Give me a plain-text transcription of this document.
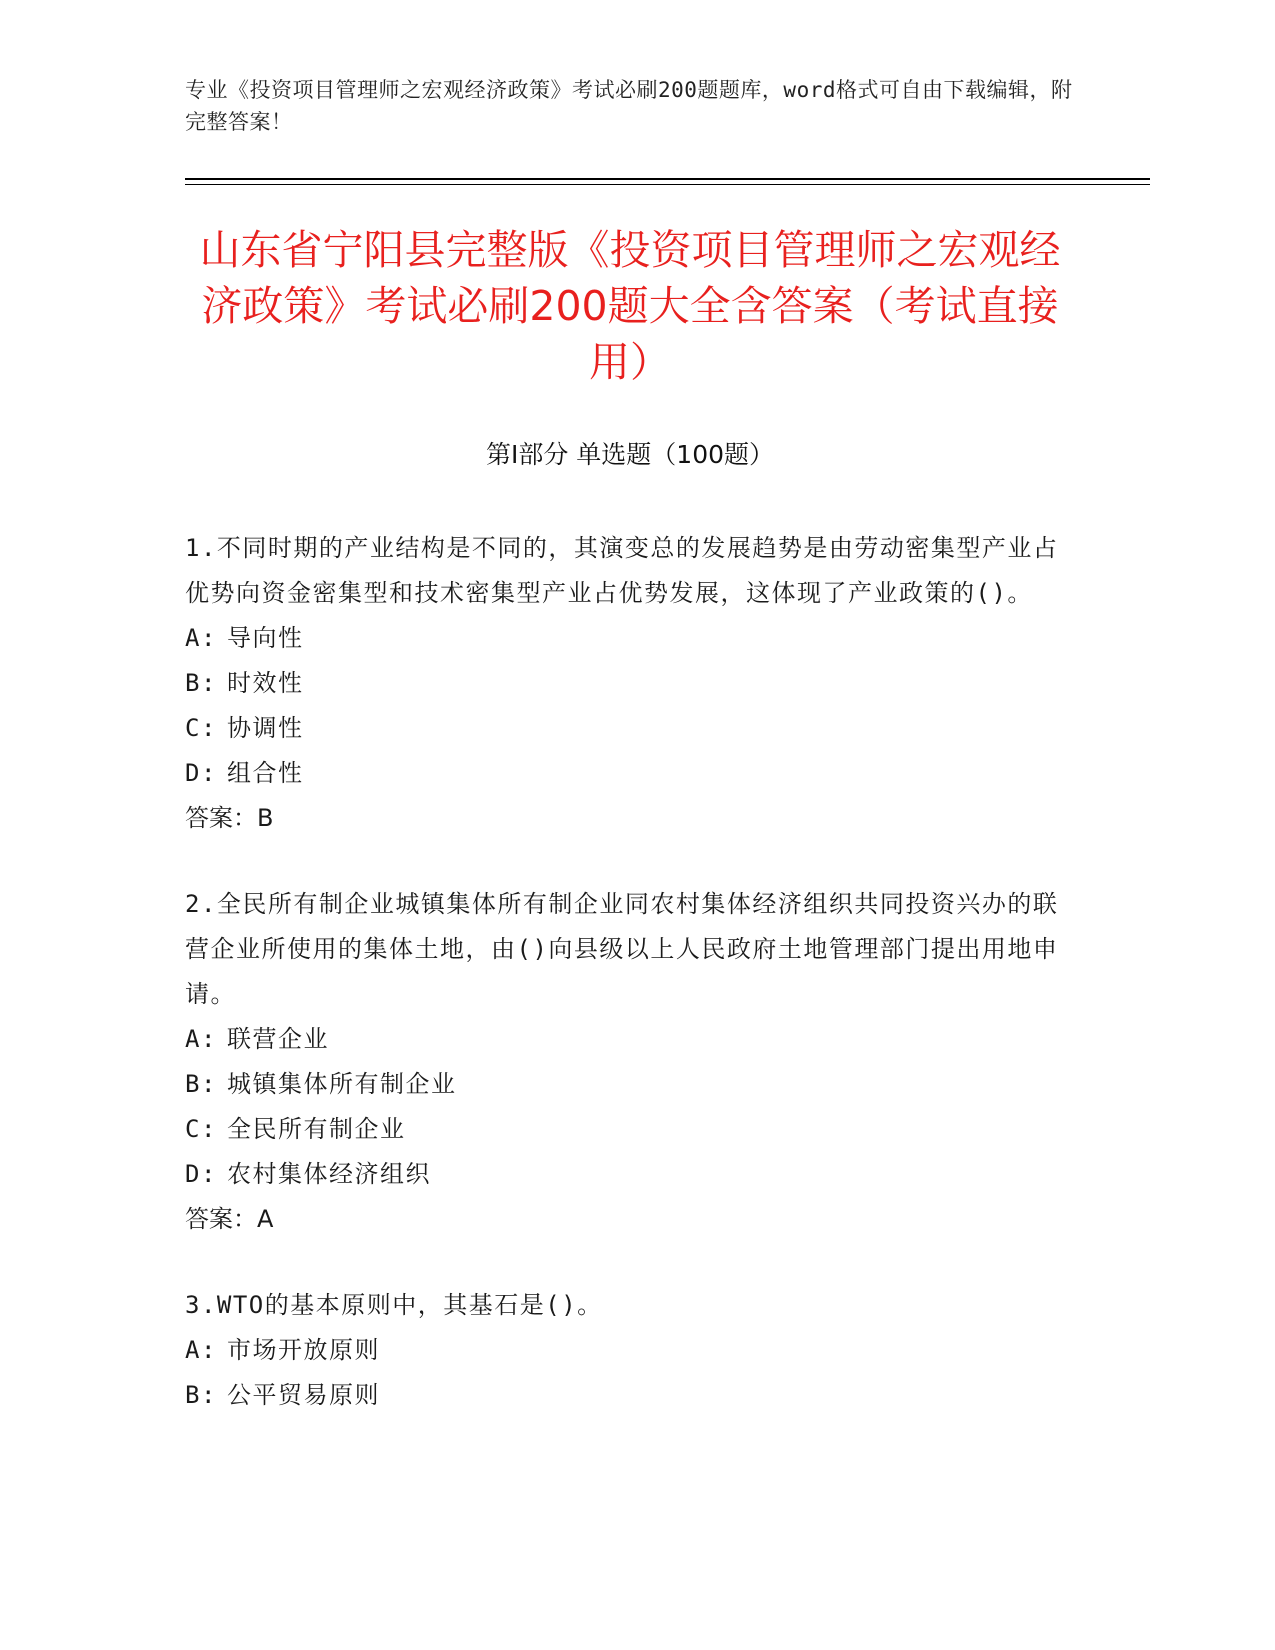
专业《投资项目管理师之宏观经济政策》考试必刷200题题库，word格式可自由下载编辑，附完整答案！
山东省宁阳县完整版《投资项目管理师之宏观经济政策》考试必刷200题大全含答案（考试直接用）
第Ⅰ部分 单选题（100题）

1.不同时期的产业结构是不同的，其演变总的发展趋势是由劳动密集型产业占优势向资金密集型和技术密集型产业占优势发展，这体现了产业政策的()。

A: 导向性

B: 时效性

C: 协调性

D: 组合性

答案：B

2.全民所有制企业城镇集体所有制企业同农村集体经济组织共同投资兴办的联营企业所使用的集体土地，由()向县级以上人民政府土地管理部门提出用地申请。

A: 联营企业

B: 城镇集体所有制企业

C: 全民所有制企业

D: 农村集体经济组织

答案：A

3.WTO的基本原则中，其基石是()。

A: 市场开放原则

B: 公平贸易原则
